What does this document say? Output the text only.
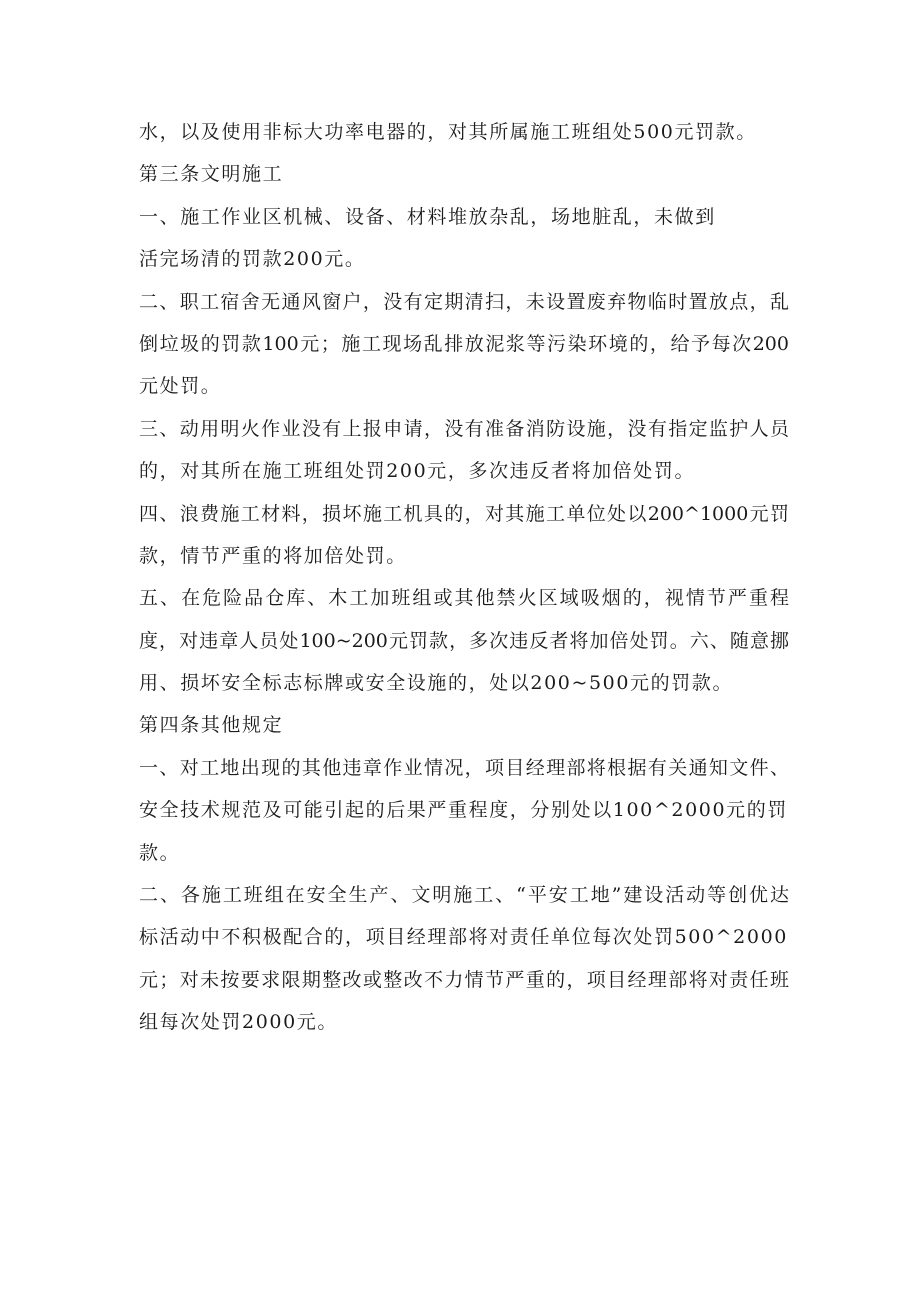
水，以及使用非标大功率电器的，对其所属施工班组处500元罚款。
第三条文明施工
一、施工作业区机械、设备、材料堆放杂乱，场地脏乱，未做到
活完场清的罚款200元。
二、职工宿舍无通风窗户，没有定期清扫，未设置废弃物临时置放点，乱
倒垃圾的罚款100元；施工现场乱排放泥浆等污染环境的，给予每次200
元处罚。
三、动用明火作业没有上报申请，没有准备消防设施，没有指定监护人员
的，对其所在施工班组处罚200元，多次违反者将加倍处罚。
四、浪费施工材料，损坏施工机具的，对其施工单位处以200^1000元罚
款，情节严重的将加倍处罚。
五、在危险品仓库、木工加班组或其他禁火区域吸烟的，视情节严重程
度，对违章人员处100~200元罚款，多次违反者将加倍处罚。六、随意挪
用、损坏安全标志标牌或安全设施的，处以200~500元的罚款。
第四条其他规定
一、对工地出现的其他违章作业情况，项目经理部将根据有关通知文件、
安全技术规范及可能引起的后果严重程度，分别处以100^2000元的罚
款。
二、各施工班组在安全生产、文明施工、“平安工地”建设活动等创优达
标活动中不积极配合的，项目经理部将对责任单位每次处罚500^2000
元；对未按要求限期整改或整改不力情节严重的，项目经理部将对责任班
组每次处罚2000元。
